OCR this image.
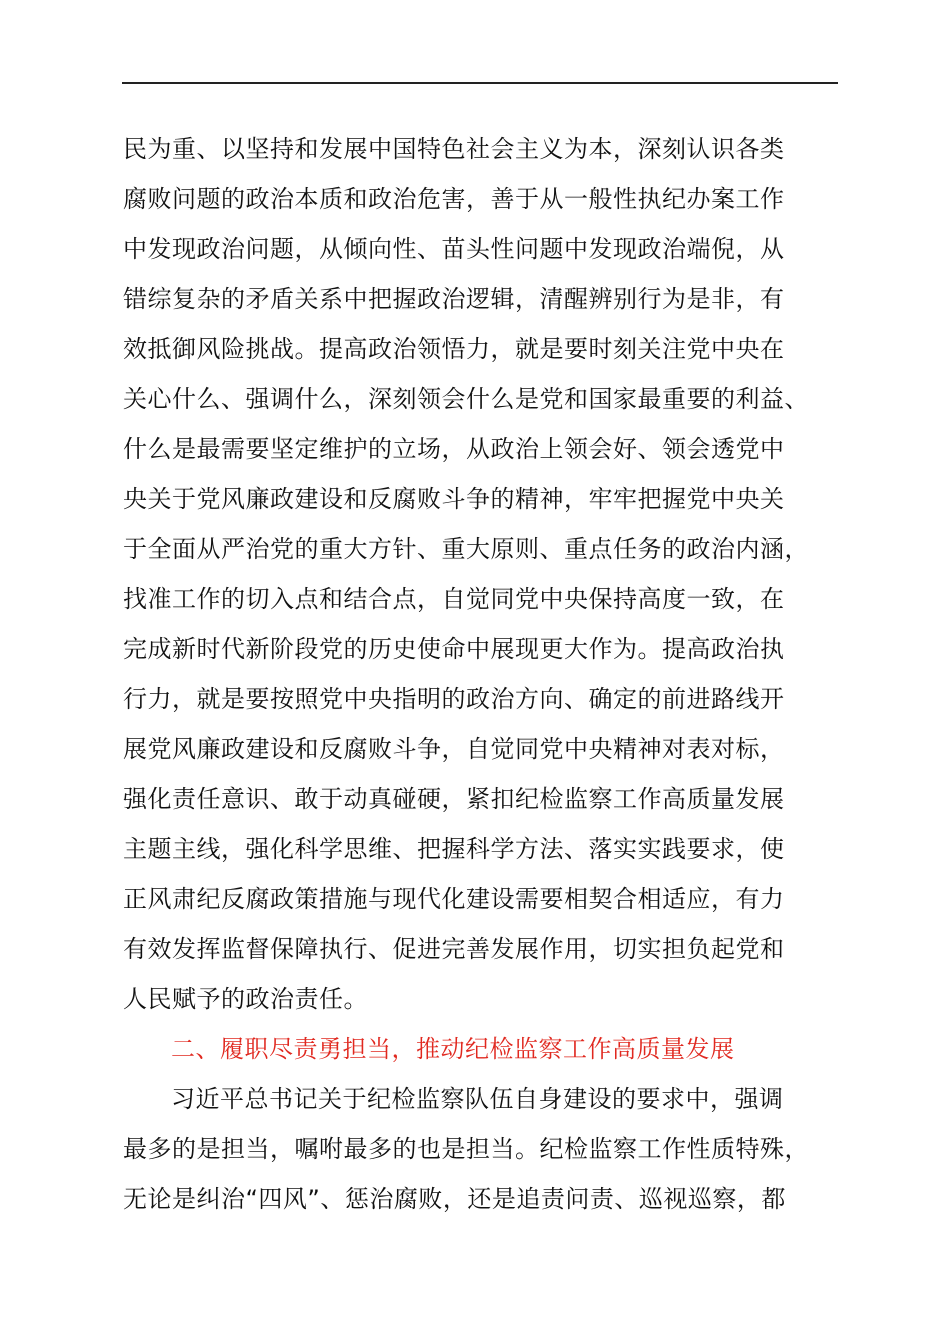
民为重、以坚持和发展中国特色社会主义为本，深刻认识各类
腐败问题的政治本质和政治危害，善于从一般性执纪办案工作
中发现政治问题，从倾向性、苗头性问题中发现政治端倪，从
错综复杂的矛盾关系中把握政治逻辑，清醒辨别行为是非，有
效抵御风险挑战。提高政治领悟力，就是要时刻关注党中央在
关心什么、强调什么，深刻领会什么是党和国家最重要的利益、
什么是最需要坚定维护的立场，从政治上领会好、领会透党中
央关于党风廉政建设和反腐败斗争的精神，牢牢把握党中央关
于全面从严治党的重大方针、重大原则、重点任务的政治内涵，
找准工作的切入点和结合点，自觉同党中央保持高度一致，在
完成新时代新阶段党的历史使命中展现更大作为。提高政治执
行力，就是要按照党中央指明的政治方向、确定的前进路线开
展党风廉政建设和反腐败斗争，自觉同党中央精神对表对标，
强化责任意识、敢于动真碰硬，紧扣纪检监察工作高质量发展
主题主线，强化科学思维、把握科学方法、落实实践要求，使
正风肃纪反腐政策措施与现代化建设需要相契合相适应，有力
有效发挥监督保障执行、促进完善发展作用，切实担负起党和
人民赋予的政治责任。
二、履职尽责勇担当，推动纪检监察工作高质量发展
习近平总书记关于纪检监察队伍自身建设的要求中，强调
最多的是担当，嘱咐最多的也是担当。纪检监察工作性质特殊，
无论是纠治“四风”、惩治腐败，还是追责问责、巡视巡察，都
